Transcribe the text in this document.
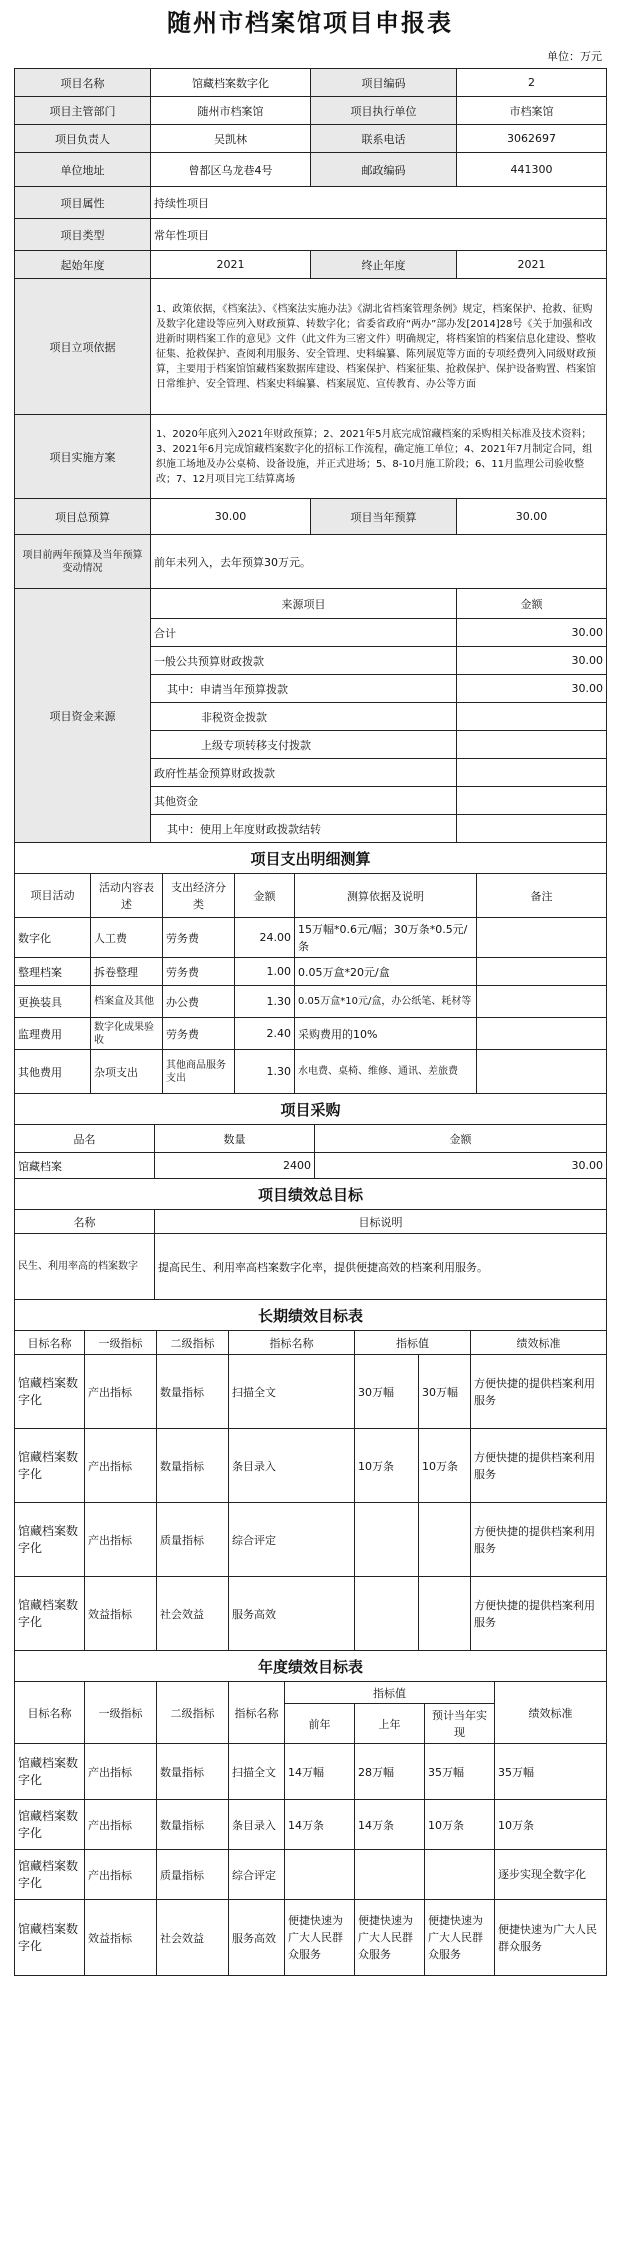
随州市档案馆项目申报表
单位：万元
项目名称	馆藏档案数字化	项目编码	2
项目主管部门	随州市档案馆	项目执行单位	市档案馆
项目负责人	吴凯林	联系电话	3062697
单位地址	曾都区乌龙巷4号	邮政编码	441300
项目属性	持续性项目		
项目类型	常年性项目		
起始年度	2021	终止年度	2021
项目立项依据	1、政策依据，《档案法》、《档案法实施办法》《湖北省档案管理条例》规定，档案保护、抢救、征购及数字化建设等应列入财政预算、转数字化；省委省政府“两办”部办发[2014]28号《关于加强和改进新时期档案工作的意见》文件（此文件为三密文件）明确规定，将档案馆的档案信息化建设、整收征集、抢救保护、查阅利用服务、安全管理、史料编纂、陈列展览等方面的专项经费列入同级财政预算，主要用于档案馆馆藏档案数据库建设、档案保护、档案征集、抢救保护、保护设备购置、档案馆日常维护、安全管理、档案史料编纂、档案展览、宣传教育、办公等方面		
项目实施方案	1、2020年底列入2021年财政预算；2、2021年5月底完成馆藏档案的采购相关标准及技术资料；3、2021年6月完成馆藏档案数字化的招标工作流程，确定施工单位；4、2021年7月制定合同，组织施工场地及办公桌椅、设备设施，并正式进场；5、8-10月施工阶段；6、11月监理公司验收整改；7、12月项目完工结算离场		
项目总预算	30.00	项目当年预算	30.00
项目前两年预算及当年预算变动情况	前年未列入，去年预算30万元。		
项目资金来源	来源项目	金额
	合计	30.00
	一般公共预算财政拨款	30.00
	其中：申请当年预算拨款	30.00
	非税资金拨款	
	上级专项转移支付拨款	
	政府性基金预算财政拨款	
	其他资金	
	其中：使用上年度财政拨款结转	
项目支出明细测算					
项目活动	活动内容表述	支出经济分类	金额	测算依据及说明	备注
数字化	人工费	劳务费	24.00	15万幅*0.6元/幅；30万条*0.5元/条	
整理档案	拆卷整理	劳务费	1.00	0.05万盒*20元/盒	
更换装具	档案盒及其他	办公费	1.30	0.05万盒*10元/盒，办公纸笔、耗材等	
监理费用	数字化成果验收	劳务费	2.40	采购费用的10%	
其他费用	杂项支出	其他商品服务支出	1.30	水电费、桌椅、维修、通讯、差旅费	
项目采购		
品名	数量	金额
馆藏档案	2400	30.00
项目绩效总目标	
名称	目标说明
民生、利用率高的档案数字	提高民生、利用率高档案数字化率，提供便捷高效的档案利用服务。
长期绩效目标表						
目标名称	一级指标	二级指标	指标名称	指标值		绩效标准
馆藏档案数字化	产出指标	数量指标	扫描全文	30万幅	30万幅	方便快捷的提供档案利用服务
馆藏档案数字化	产出指标	数量指标	条目录入	10万条	10万条	方便快捷的提供档案利用服务
馆藏档案数字化	产出指标	质量指标	综合评定			方便快捷的提供档案利用服务
馆藏档案数字化	效益指标	社会效益	服务高效			方便快捷的提供档案利用服务
年度绩效目标表							
目标名称	一级指标	二级指标	指标名称	指标值			绩效标准
				前年	上年	预计当年实现	
馆藏档案数字化	产出指标	数量指标	扫描全文	14万幅	28万幅	35万幅	35万幅
馆藏档案数字化	产出指标	数量指标	条目录入	14万条	14万条	10万条	10万条
馆藏档案数字化	产出指标	质量指标	综合评定				逐步实现全数字化
馆藏档案数字化	效益指标	社会效益	服务高效	便捷快速为广大人民群众服务	便捷快速为广大人民群众服务	便捷快速为广大人民群众服务	便捷快速为广大人民群众服务
